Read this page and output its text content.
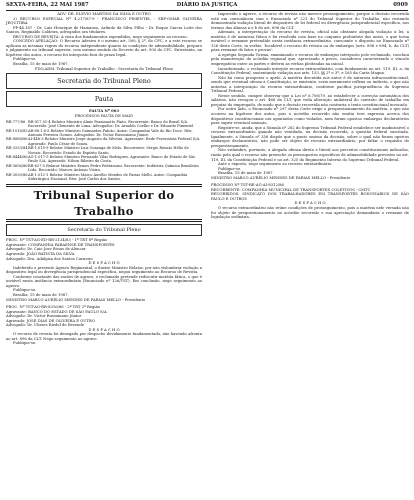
SEXTA-FEIRA, 22 MAI 1987	DIÁRIO DA JUSTIÇA	0909

ADV: DR. ELEVIO MARTINS DA SILVA E OUTRO

2) RECURSO ESPECIAL Nº 4.217/87-9 - FRANCISCO PIMENTEL - SRF-OMAR OLIVEIRA JEQUITIBÁ

PP-44.187 - Dr. Luiz Henrique de Hamaneo, Arlindo da Silva Filho - Dr. Roque Garcia Leite dos Santos, Reginaldo Caldeira, advogados ora titulares.

RECURSO DE REVISTA: A vista dos fundamentos expendidos, nego seguimento ao recurso.

CONCEDO APELAÇÃO: O Recurso Adesivo é o mesmo art. 500, § 2º, do CPC, e a este recurso se aplicam as mesmas regras do recurso independente quanto às condições de admissibilidade, preparo e julgamento no tribunal superior, com mesmo sentido do Decreto do art. 500 do CPC. Entretanto, na hipótese dos autos, o recurso foi interposto fora do prazo legal.

Publique-se.

Brasília, 15 de maio de 1987.

FDO.ADM. Tribunal Superior do Trabalho - Secretaria do Tribunal Pleno

Secretaria do Tribunal Pleno
Pauta

PAUTA Nº 003

PROCESSOS PAUTA DE MAIO

RR-777/86	RR-917.01-4 Relator Ministro Almir Pazzianotto Pinto. Recorrente: Banco do Brasil S/A. Recorrido: José Clemente de Lima. Advogados: Dr. Arnaldo Coelho e Dr. Eduardo Pimentel.
RR-1016/85	AR-88.1.6-5 Relator Ministro Guimarães Falcão. Autor: Companhia Vale do Rio Doce. Réu: Antonio Ferreira Gomes. Advogados: Dr. Victor Russomano Júnior.
RR-8888/86	AI-448-3 Relator Ministro Jorge Augusto da Silveira. Agravante: Rede Ferroviária Federal S/A. Agravado: Paulo César de Souza.
RR-3333/84	RR-1.015-9 Relator Ministro Luiz Gonzaga de Melo. Recorrente: Sérgio Renato Hélio de Novais. Recorrido: Estado do Espírito Santo.
RR-4444/86	AG-1.017-5 Relator Ministro Fernando Vilar Rodrigues. Agravante: Banco do Estado de São Paulo S/A. Agravado: Nilson Ribeiro da Costa.
RR-5656/86	RR-627-5 Relator Ministro Ermes Pedro Pedrassani. Recorrente: Indústria Química Brasileira Ltda. Recorrido: Marcos Antonio Vieira.
RR-3030/86	AR-1.012-1 Relator Ministro Marco Aurélio Mendes de Farias Mello. Autor: Companhia Siderúrgica Nacional. Réu: José Carlos dos Santos.
Tribunal Superior do Trabalho
Secretaria do Tribunal Pleno

PROC. Nº TST-AG-ED-RR-2134/83 - 1ª TRT 8ª Região

Agravante: COMPANHIA PARAENSE DE TRANSPORTES

Advogado: Dr. Caio Jose Rosas de Alencar

Agravado: JOÃO BATISTA DA SILVA

Advogado: Dra. Adalgisa dos Santos Carneiro

D E S P A C H O

Indeferido o presente Agravo Regimental, o ilustre Ministro Relator, por não vislumbrar violação a dispositivo legal ou divergência jurisprudencial específica, negou seguimento ao Recurso de Revista.

Conforme constante das razões de agravo, o reclamado pretende rediscutir matéria fática, o que é inviável nesta instância extraordinária (Enunciado nº 126/TST). Em conclusão, nego seguimento ao agravo.

Publique-se.

Brasília, 15 de maio de 1987.

MINISTRO MARCO AURÉLIO MENDES DE FARIAS MELLO - Presidente

PROC. Nº TST-AG-RR-8316/86 - 2ª TRT 2ª Região

Agravante: BANCO DO ESTADO DE SÃO PAULO S/A

Advogado: Dr. Victor Russomano Júnior

Agravado: JOSE DIAS DE OLIVEIRA E OUTRO

Advogado: Dr. Ulisses Riedel de Resende

D E S P A C H O

O recurso de revista foi denegado por despacho devidamente fundamentado, não havendo afronta ao art. 896 da CLT. Nego seguimento ao agravo.

Publique-se.

Improvido o agravo, o recurso de revista não merece prosseguimento, porque a decisão recorrida está em consonância com o Enunciado nº 221 do Tribunal Superior do Trabalho, não restando demonstrada violação literal de dispositivo de lei federal ou divergência jurisprudencial específica, nos termos das alíneas a e b do art. 896 da CLT.

Ademais, a interpretação do recurso de revista, oficial não obstante alegada violação à lei, a matéria é de natureza fática e foi resolvida com base no conjunto probatório dos autos, o que torna inviável o reexame pretendido nesta instância extraordinária, consoante o disposto no Enunciado nº 126 desta Corte, in verbis: 'Incabível o recurso de revista ou de embargos (arts. 896 e 894, b, da CLT) para reexame de fatos e provas'.

A egrégia Segunda Turma, examinando o recurso de embargos interposto pelo reclamado, concluiu pela manutenção do acórdão regional que, apreciando a prova, considerou caracterizado o vínculo empregatício entre as partes e deferiu as verbas pleiteadas na inicial.

Inconformado, o reclamado interpõe recurso extraordinário, com fundamento no art. 119, III, a, da Constituição Federal, sustentando violação aos arts. 153, §§ 2º e 3º, e 165 da Carta Magna.

Não há como prosperar o apelo. A matéria discutida nos autos é de natureza infraconstitucional, sendo que eventual ofensa à Constituição, se existente, seria meramente reflexa ou indireta, o que não autoriza a interposição do recurso extraordinário, conforme pacífica jurisprudência do Supremo Tribunal Federal.

Nesse sentido, cumpre observar que a Lei nº 6.708/79, ao estabelecer a correção automática dos salários, não revogou o art. 468 da CLT, que veda alteração unilateral do contrato de trabalho em prejuízo do empregado, de modo que a decisão recorrida não contraria o texto constitucional invocado.

Por outro lado, o Enunciado nº 297 desta Corte exige o prequestionamento da matéria, o que não ocorreu na hipótese dos autos, pois o acórdão recorrido não emitiu tese expressa acerca dos dispositivos constitucionais ora apontados como violados, nem foram opostos embargos declaratórios para suprir eventual omissão.

Registre-se, ainda, que a Súmula nº 282 do Supremo Tribunal Federal estabelece ser inadmissível o recurso extraordinário quando não ventilada, na decisão recorrida, a questão federal suscitada. Igualmente, a Súmula nº 356 dispõe que o ponto omisso da decisão, sobre o qual não foram opostos embargos declaratórios, não pode ser objeto de recurso extraordinário, por faltar o requisito do prequestionamento.

Não vislumbro, portanto, a alegada ofensa direta e literal aos preceitos constitucionais indicados, razão pela qual o recurso não preenche os pressupostos específicos de admissibilidade previstos no art. 119, III, da Constituição Federal e no art. 325 do Regimento Interno do Supremo Tribunal Federal.

Ante o exposto, nego seguimento ao recurso extraordinário.

Publique-se.

Brasília, 15 de maio de 1987.

MINISTRO MARCO AURÉLIO MENDES DE FARIAS MELLO - Presidente

PROCESSO Nº TST-RE-AG-AI-8312/86

RECORRENTE: COMPANHIA MUNICIPAL DE TRANSPORTES COLETIVOS - CMTC

RECORRIDOS: SINDICATO DOS TRABALHADORES EM TRANSPORTES RODOVIÁRIOS DE SÃO PAULO E OUTROS

D E S P A C H O

O recurso extraordinário não reúne condições de prosseguimento, pois a matéria nele versada não foi objeto de prequestionamento no acórdão recorrido e sua apreciação demandaria o reexame de legislação ordinária.
